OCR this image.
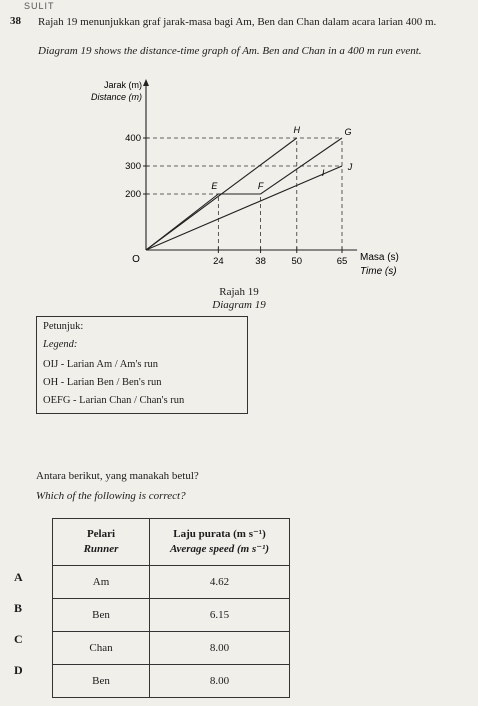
SULIT
38 Rajah 19 menunjukkan graf jarak-masa bagi Am, Ben dan Chan dalam acara larian 400 m.
Diagram 19 shows the distance-time graph of Am. Ben and Chan in a 400 m run event.
Jarak (m)
Distance (m)
Masa (s)
Time (s)
O
200
300
400
24	38	50	65
J
I
H
E	F
G
Rajah 19
Diagram 19
Petunjuk:
Legend:
OIJ - Larian Am / Am's run
OH - Larian Ben / Ben's run
OEFG - Larian Chan / Chan's run
Antara berikut, yang manakah betul?
Which of the following is correct?
Pelari
Runner	Laju purata (m s⁻¹)
Average speed (m s⁻¹)
Am	4.62
Ben	6.15
Chan	8.00
Ben	8.00
A
B
C
D
